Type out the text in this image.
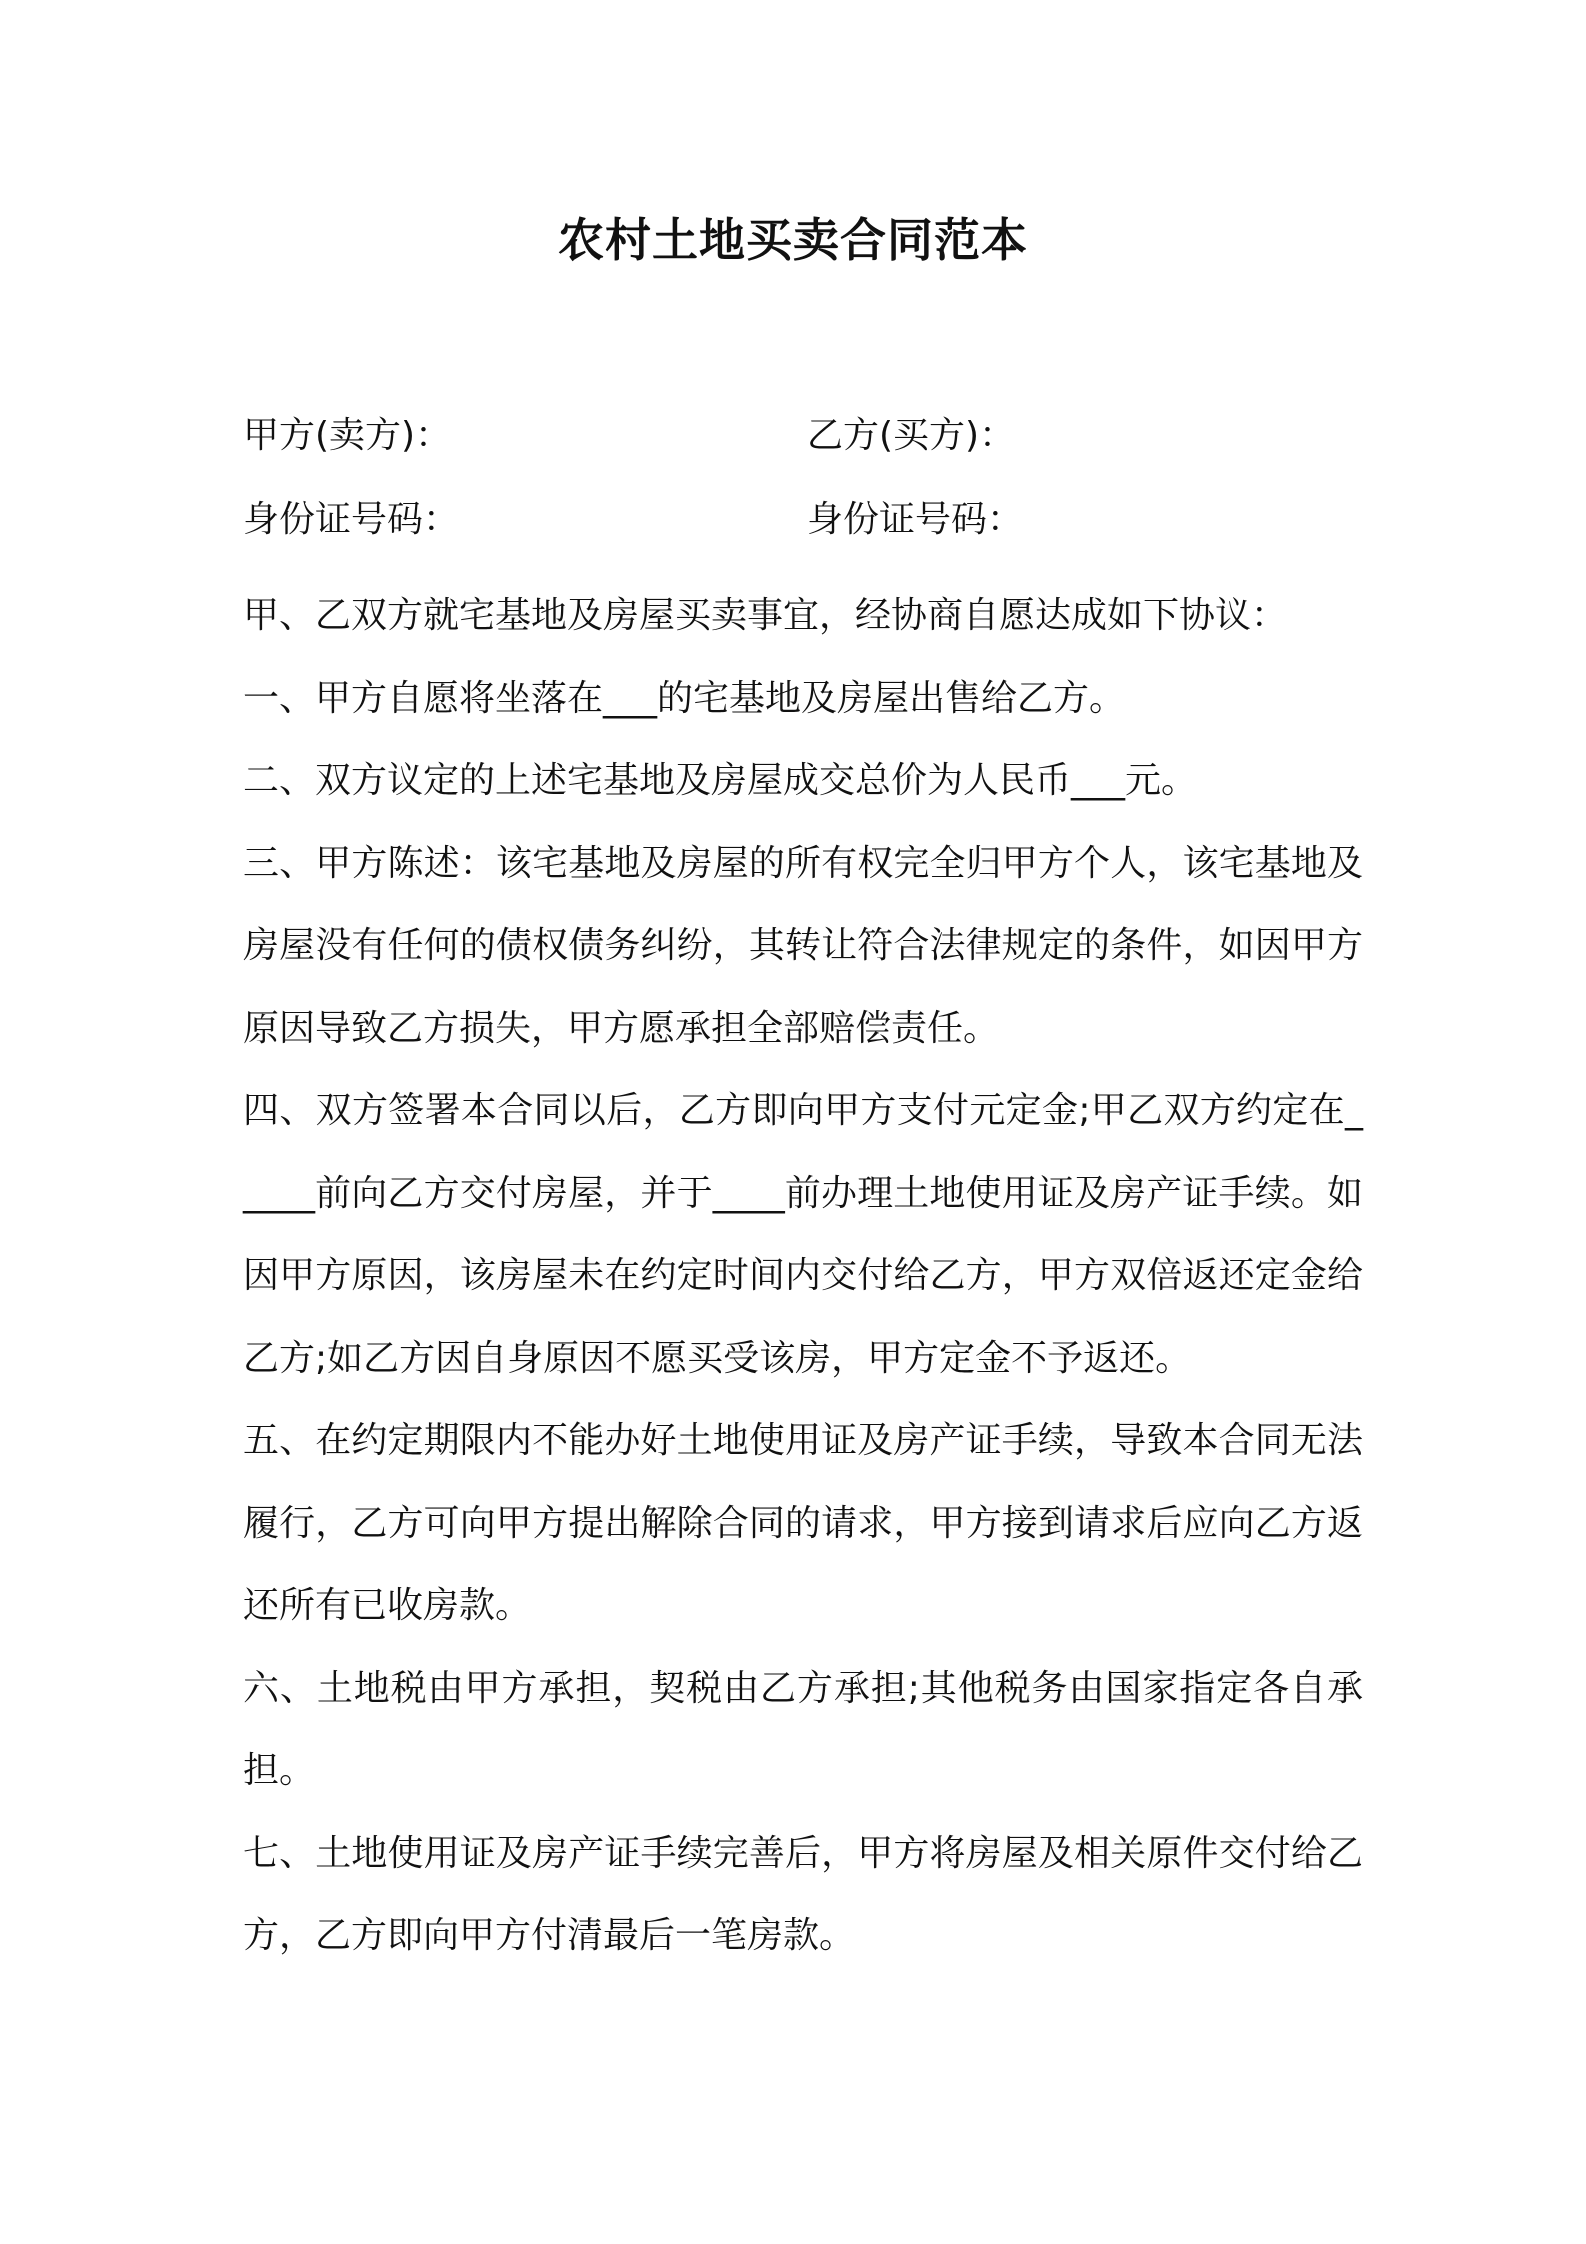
农村土地买卖合同范本
甲方(卖方)：	乙方(买方)：
身份证号码：	身份证号码：

甲、乙双方就宅基地及房屋买卖事宜，经协商自愿达成如下协议：

一、甲方自愿将坐落在___的宅基地及房屋出售给乙方。

二、双方议定的上述宅基地及房屋成交总价为人民币___元。

三、甲方陈述：该宅基地及房屋的所有权完全归甲方个人，该宅基地及房屋没有任何的债权债务纠纷，其转让符合法律规定的条件，如因甲方原因导致乙方损失，甲方愿承担全部赔偿责任。

四、双方签署本合同以后，乙方即向甲方支付元定金;甲乙双方约定在_____前向乙方交付房屋，并于____前办理土地使用证及房产证手续。如因甲方原因，该房屋未在约定时间内交付给乙方，甲方双倍返还定金给乙方;如乙方因自身原因不愿买受该房，甲方定金不予返还。

五、在约定期限内不能办好土地使用证及房产证手续，导致本合同无法履行，乙方可向甲方提出解除合同的请求，甲方接到请求后应向乙方返还所有已收房款。

六、土地税由甲方承担，契税由乙方承担;其他税务由国家指定各自承担。

七、土地使用证及房产证手续完善后，甲方将房屋及相关原件交付给乙方，乙方即向甲方付清最后一笔房款。
